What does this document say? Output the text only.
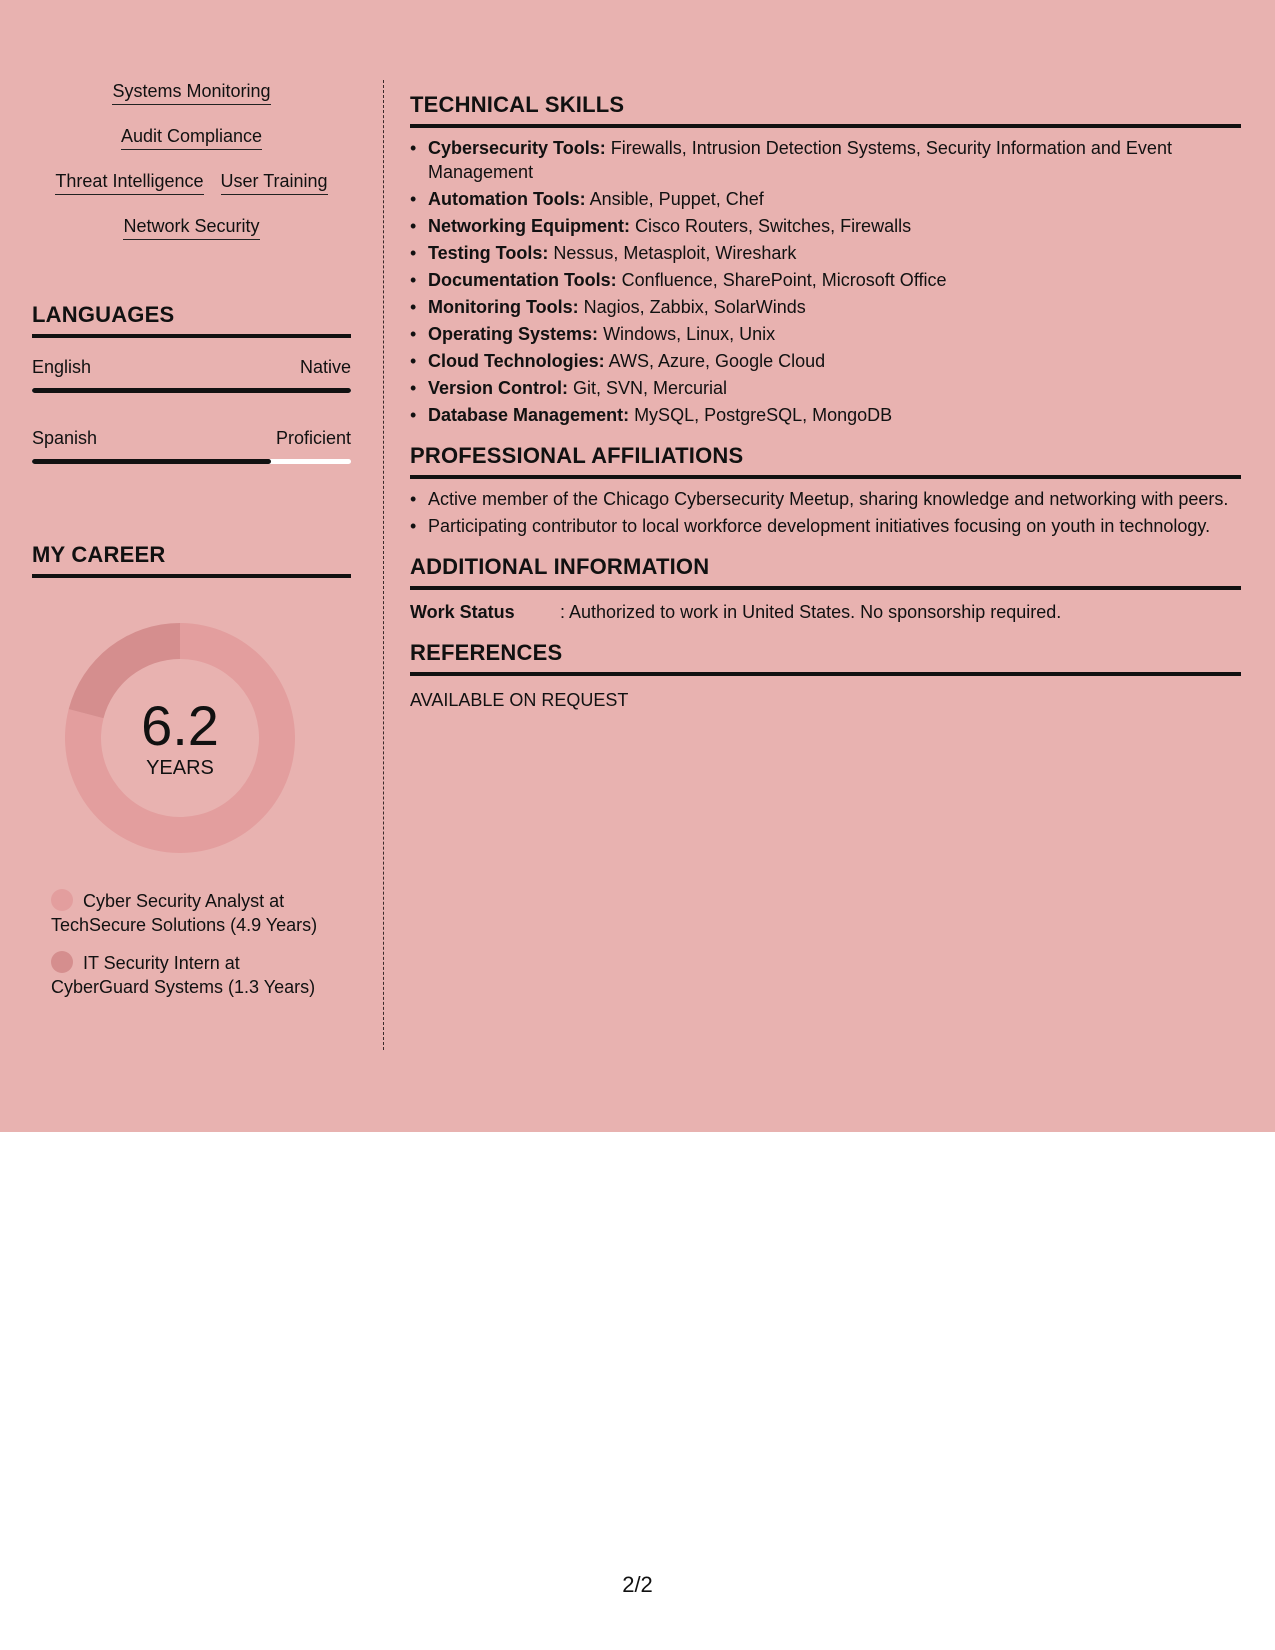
Systems Monitoring
Audit Compliance
Threat Intelligence User Training
Network Security
LANGUAGES
English	Native
Spanish	Proficient
MY CAREER
6.2
YEARS
Cyber Security Analyst at TechSecure Solutions (4.9 Years)
IT Security Intern at CyberGuard Systems (1.3 Years)
TECHNICAL SKILLS
• Cybersecurity Tools: Firewalls, Intrusion Detection Systems, Security Information and Event Management
• Automation Tools: Ansible, Puppet, Chef
• Networking Equipment: Cisco Routers, Switches, Firewalls
• Testing Tools: Nessus, Metasploit, Wireshark
• Documentation Tools: Confluence, SharePoint, Microsoft Office
• Monitoring Tools: Nagios, Zabbix, SolarWinds
• Operating Systems: Windows, Linux, Unix
• Cloud Technologies: AWS, Azure, Google Cloud
• Version Control: Git, SVN, Mercurial
• Database Management: MySQL, PostgreSQL, MongoDB
PROFESSIONAL AFFILIATIONS
• Active member of the Chicago Cybersecurity Meetup, sharing knowledge and networking with peers.
• Participating contributor to local workforce development initiatives focusing on youth in technology.
ADDITIONAL INFORMATION
Work Status	: Authorized to work in United States. No sponsorship required.
REFERENCES
AVAILABLE ON REQUEST
2/2
